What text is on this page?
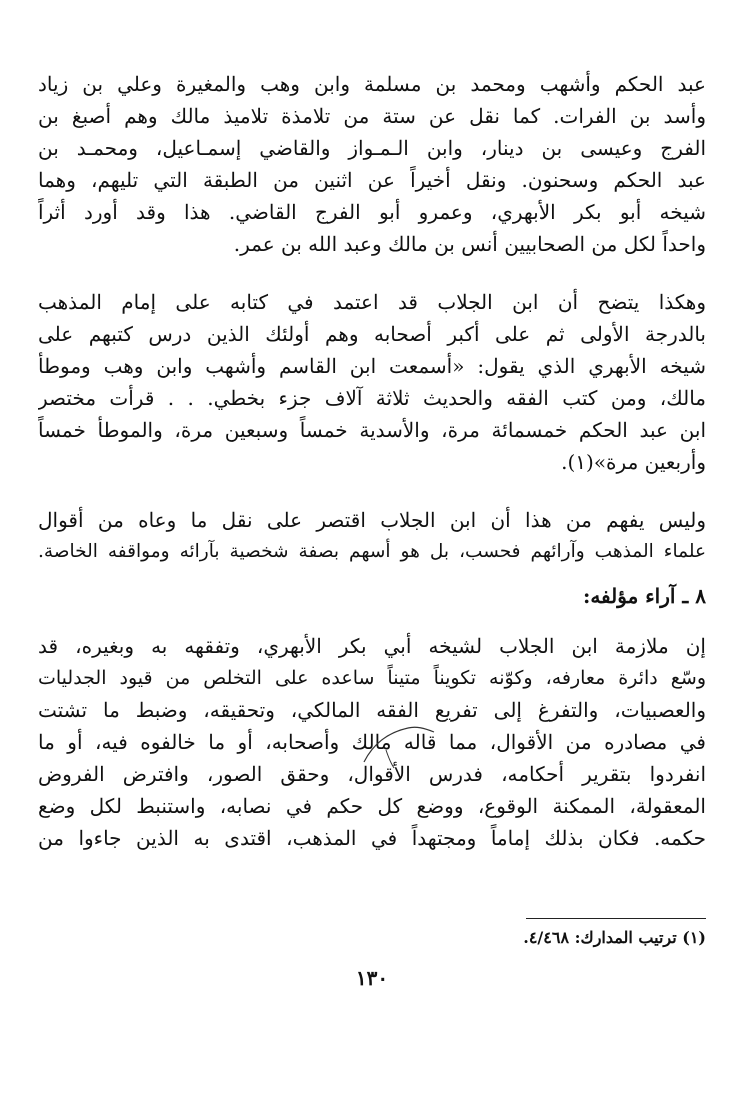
عبد الحكم وأشهب ومحمد بن مسلمة وابن وهب والمغيرة وعلي بن زياد
وأسد بن الفرات. كما نقل عن ستة من تلامذة تلاميذ مالك وهم أصبغ بن
الفرج وعيسى بن دينار، وابن الـمـواز والقاضي إسمـاعيل، ومحمـد بن
عبد الحكم وسحنون. ونقل أخيراً عن اثنين من الطبقة التي تليهم، وهما
شيخه أبو بكر الأبهري، وعمرو أبو الفرج القاضي. هذا وقد أورد أثراً
واحداً لكل من الصحابيين أنس بن مالك وعبد الله بن عمر.
وهكذا يتضح أن ابن الجلاب قد اعتمد في كتابه على إمام المذهب
بالدرجة الأولى ثم على أكبر أصحابه وهم أولئك الذين درس كتبهم على
شيخه الأبهري الذي يقول: «أسمعت ابن القاسم وأشهب وابن وهب وموطأ
مالك، ومن كتب الفقه والحديث ثلاثة آلاف جزء بخطي. . . قرأت مختصر
ابن عبد الحكم خمسمائة مرة، والأسدية خمساً وسبعين مرة، والموطأ خمساً
وأربعين مرة»(١).
وليس يفهم من هذا أن ابن الجلاب اقتصر على نقل ما وعاه من أقوال
علماء المذهب وآرائهم فحسب، بل هو أسهم بصفة شخصية بآرائه ومواقفه الخاصة.
٨ ـ آراء مؤلفه:
إن ملازمة ابن الجلاب لشيخه أبي بكر الأبهري، وتفقهه به وبغيره، قد
وسّع دائرة معارفه، وكوّنه تكويناً متيناً ساعده على التخلص من قيود الجدليات
والعصبيات، والتفرغ إلى تفريع الفقه المالكي، وتحقيقه، وضبط ما تشتت
في مصادره من الأقوال، مما قاله مالك وأصحابه، أو ما خالفوه فيه، أو ما
انفردوا بتقرير أحكامه، فدرس الأقوال، وحقق الصور، وافترض الفروض
المعقولة، الممكنة الوقوع، ووضع كل حكم في نصابه، واستنبط لكل وضع
حكمه. فكان بذلك إماماً ومجتهداً في المذهب، اقتدى به الذين جاءوا من
(١) ترتيب المدارك: ٤/٤٦٨.
١٣٠
